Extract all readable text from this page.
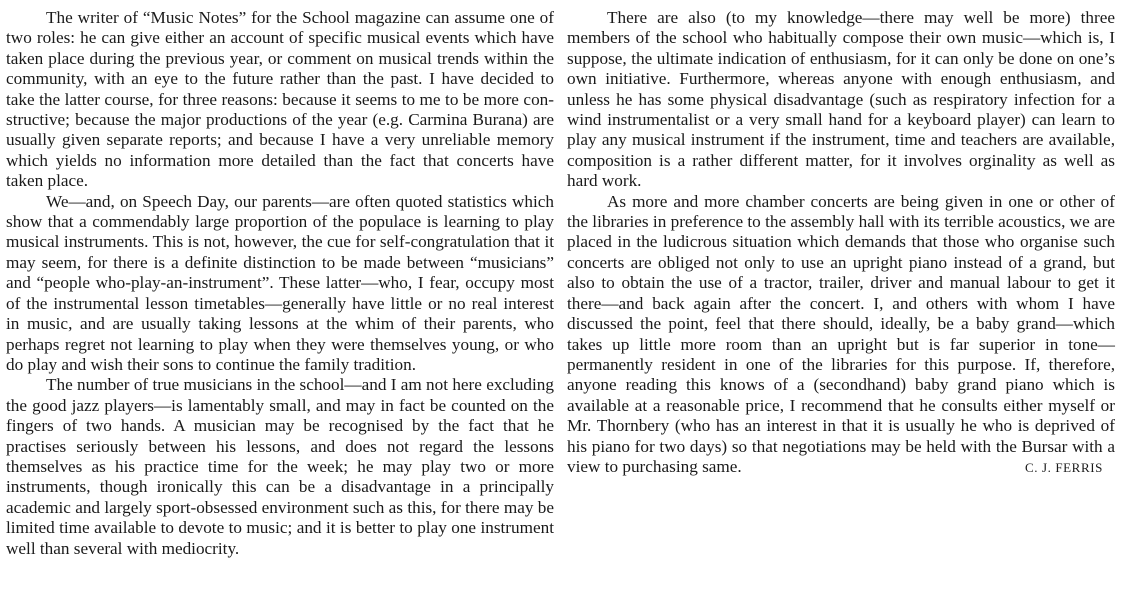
The writer of “Music Notes” for the School magazine can assume one of two roles: he can give either an account of specific musical events which have taken place during the previous year, or comment on musical trends within the community, with an eye to the future rather than the past. I have decided to take the latter course, for three reasons: because it seems to me to be more constructive; because the major productions of the year (e.g. Carmina Burana) are usually given separate reports; and because I have a very unreliable memory which yields no information more detailed than the fact that concerts have taken place.

We—and, on Speech Day, our parents—are often quoted statistics which show that a commendably large proportion of the populace is learning to play musical instruments. This is not, however, the cue for self-congratulation that it may seem, for there is a definite distinction to be made between “musicians” and “people who-play-an-instrument”. These latter—who, I fear, occupy most of the instrumental lesson timetables—generally have little or no real interest in music, and are usually taking lessons at the whim of their parents, who perhaps regret not learning to play when they were themselves young, or who do play and wish their sons to continue the family tradition.

The number of true musicians in the school—and I am not here excluding the good jazz players—is lamentably small, and may in fact be counted on the fingers of two hands. A musician may be recognised by the fact that he practises seriously between his lessons, and does not regard the lessons themselves as his practice time for the week; he may play two or more instruments, though ironically this can be a disadvantage in a principally academic and largely sport-obsessed environment such as this, for there may be limited time available to devote to music; and it is better to play one instrument well than several with mediocrity.

There are also (to my knowledge—there may well be more) three members of the school who habitually compose their own music—which is, I suppose, the ultimate indication of enthusiasm, for it can only be done on one’s own initiative. Furthermore, whereas anyone with enough enthusiasm, and unless he has some physical disadvantage (such as respiratory infection for a wind instrumentalist or a very small hand for a keyboard player) can learn to play any musical instrument if the instrument, time and teachers are available, composition is a rather different matter, for it involves orginality as well as hard work.

As more and more chamber concerts are being given in one or other of the libraries in preference to the assembly hall with its terrible acoustics, we are placed in the ludicrous situation which demands that those who organise such concerts are obliged not only to use an upright piano instead of a grand, but also to obtain the use of a tractor, trailer, driver and manual labour to get it there—and back again after the concert. I, and others with whom I have discussed the point, feel that there should, ideally, be a baby grand—which takes up little more room than an upright but is far superior in tone—permanently resident in one of the libraries for this purpose. If, therefore, anyone reading this knows of a (secondhand) baby grand piano which is available at a reasonable price, I recommend that he consults either myself or Mr. Thornbery (who has an interest in that it is usually he who is deprived of his piano for two days) so that negotiations may be held with the Bursar with a view to purchasing same.	C. J. FERRIS
